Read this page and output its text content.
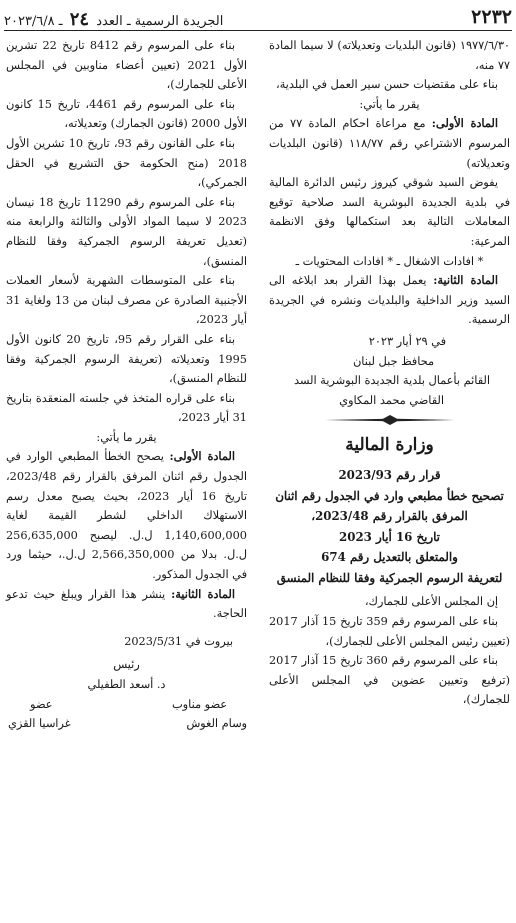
٢٢٣٢
الجريدة الرسمية ـ العدد ٢٤ ـ ٢٠٢٣/٦/٨

١٩٧٧/٦/٣٠ (قانون البلديات وتعديلاته) لا سيما المادة ٧٧ منه،

بناء على مقتضيات حسن سير العمل في البلدية،

يقرر ما يأتي:

المادة الأولى: مع مراعاة احكام المادة ٧٧ من المرسوم الاشتراعي رقم ١١٨/٧٧ (قانون البلديات وتعديلاته)

يفوض السيد شوقي كيروز رئيس الدائرة المالية في بلدية الجديدة البوشرية السد صلاحية توقيع المعاملات التالية بعد استكمالها وفق الانظمة المرعية:

* افادات الاشغال ـ * افادات المحتويات ـ

المادة الثانية: يعمل بهذا القرار بعد ابلاغه الى السيد وزير الداخلية والبلديات ونشره في الجريدة الرسمية.

في ٢٩ أيار ٢٠٢٣

محافظ جبل لبنان

القائم بأعمال بلدية الجديدة البوشرية السد

القاضي محمد المكاوي

وزارة المالية

قرار رقم 2023/93

تصحيح خطأ مطبعي وارد في الجدول رقم اثنان

المرفق بالقرار رقم 2023/48،

تاريخ 16 أيار 2023

والمتعلق بالتعديل رقم 674

لتعريفة الرسوم الجمركية وفقا للنظام المنسق

إن المجلس الأعلى للجمارك،

بناء على المرسوم رقم 359 تاريخ 15 آذار 2017 (تعيين رئيس المجلس الأعلى للجمارك)،

بناء على المرسوم رقم 360 تاريخ 15 آذار 2017 (ترفيع وتعيين عضوين في المجلس الأعلى للجمارك)،

بناء على المرسوم رقم 8412 تاريخ 22 تشرين الأول 2021 (تعيين أعضاء مناوبين في المجلس الأعلى للجمارك)،

بناء على المرسوم رقم 4461، تاريخ 15 كانون الأول 2000 (قانون الجمارك) وتعديلاته،

بناء على القانون رقم 93، تاريخ 10 تشرين الأول 2018 (منح الحكومة حق التشريع في الحقل الجمركي)،

بناء على المرسوم رقم 11290 تاريخ 18 نيسان 2023 لا سيما المواد الأولى والثالثة والرابعة منه (تعديل تعريفة الرسوم الجمركية وفقا للنظام المنسق)،

بناء على المتوسطات الشهرية لأسعار العملات الأجنبية الصادرة عن مصرف لبنان من 13 ولغاية 31 أيار 2023،

بناء على القرار رقم 95، تاريخ 20 كانون الأول 1995 وتعديلاته (تعريفة الرسوم الجمركية وفقا للنظام المنسق)،

بناء على قراره المتخذ في جلسته المنعقدة بتاريخ 31 أيار 2023،

يقرر ما يأتي:

المادة الأولى: يصحح الخطأ المطبعي الوارد في الجدول رقم اثنان المرفق بالقرار رقم 2023/48، تاريخ 16 أيار 2023، بحيث يصبح معدل رسم الاستهلاك الداخلي لشطر القيمة لغاية 1,140,600,000 ل.ل. ليصبح 256,635,000 ل.ل. بدلا من 2,566,350,000 ل.ل.، حيثما ورد في الجدول المذكور.

المادة الثانية: ينشر هذا القرار ويبلغ حيث تدعو الحاجة.

بيروت في 2023/5/31
رئيس
د. أسعد الطفيلي
عضو مناوب
عضو
وسام الغوش
غراسيا القزي
